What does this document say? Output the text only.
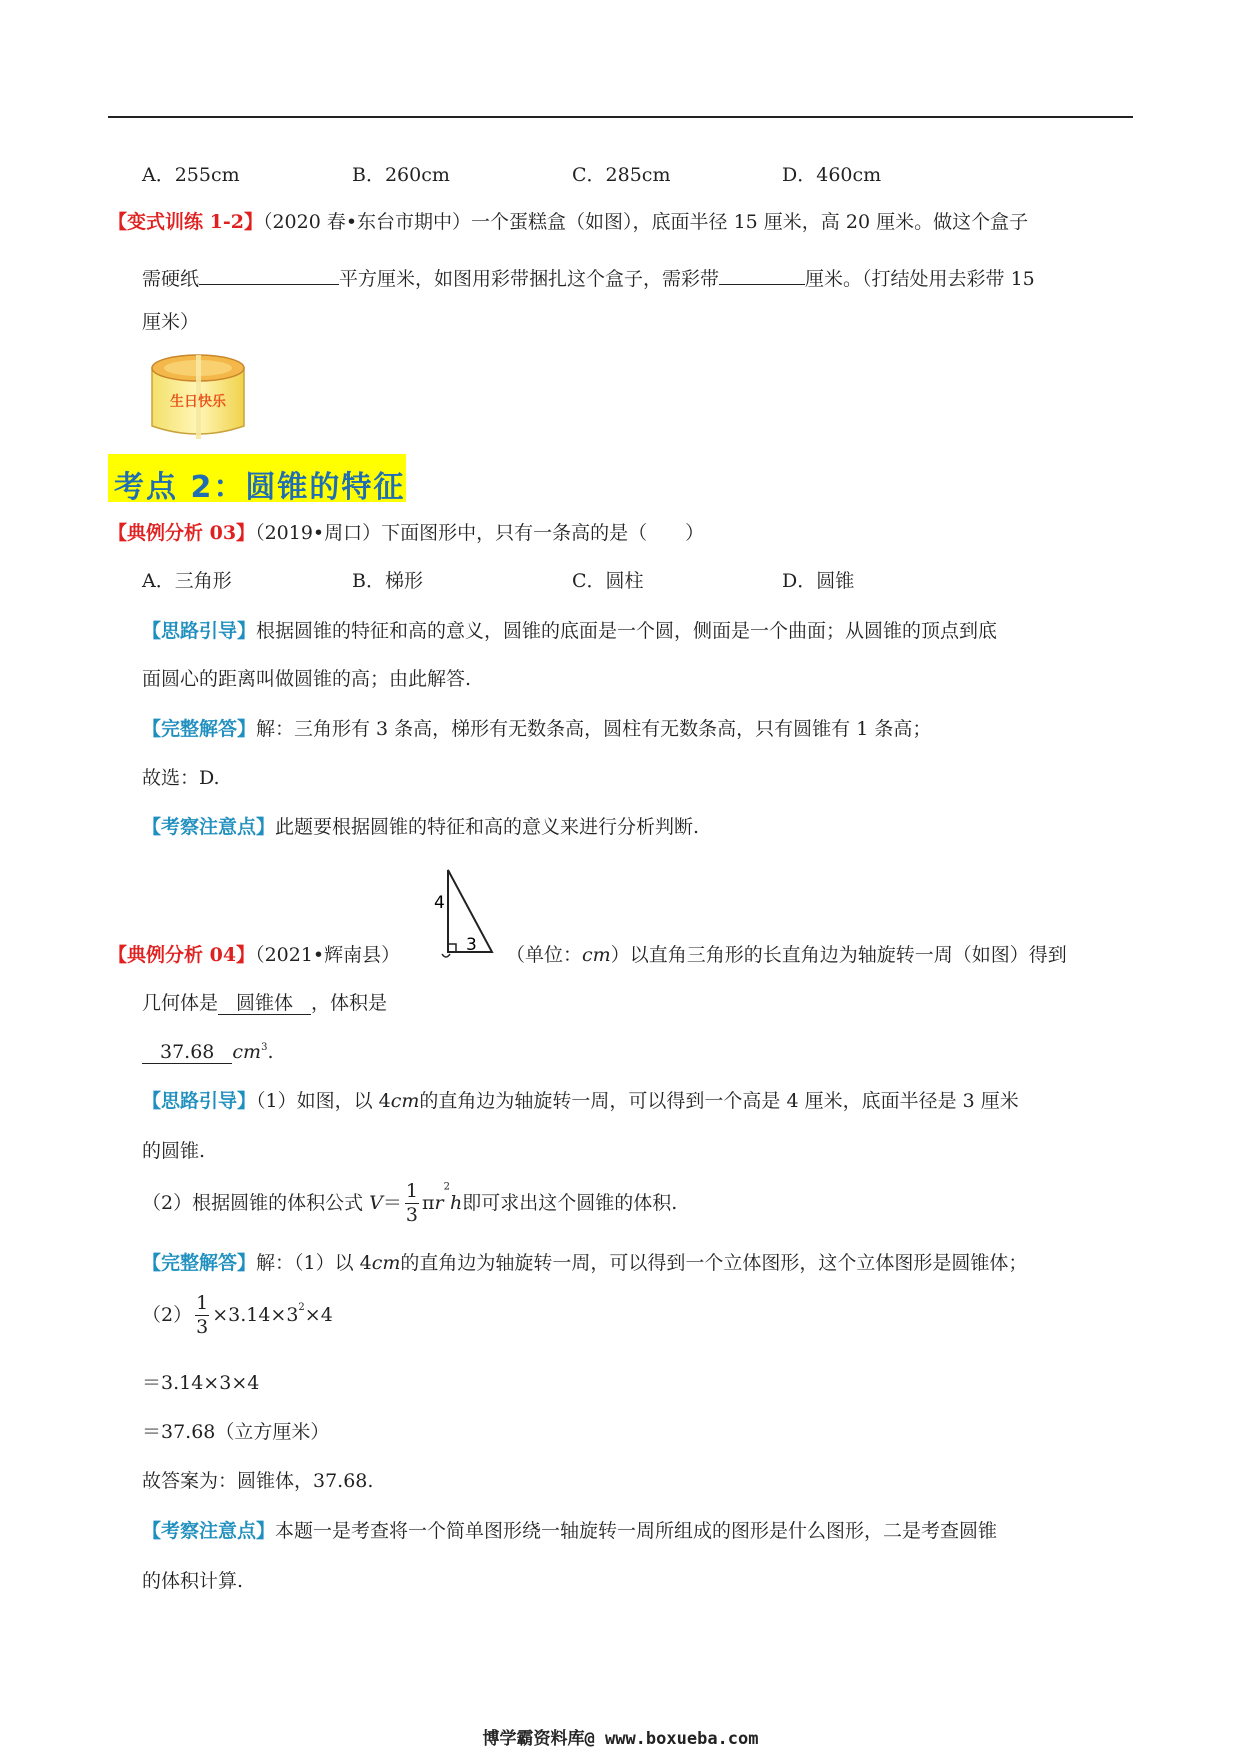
A．255cm	B．260cm	C．285cm	D．460cm
【变式训练 1-2】（2020 春•东台市期中）一个蛋糕盒（如图），底面半径 15 厘米，高 20 厘米。做这个盒子
需硬纸	平方厘米，如图用彩带捆扎这个盒子，需彩带	厘米。（打结处用去彩带 15
厘米）
生日快乐
考点 2：圆锥的特征
【典例分析 03】（2019•周口）下面图形中，只有一条高的是（　　）
A．三角形	B．梯形	C．圆柱	D．圆锥
【思路引导】根据圆锥的特征和高的意义，圆锥的底面是一个圆，侧面是一个曲面；从圆锥的顶点到底
面圆心的距离叫做圆锥的高；由此解答.
【完整解答】解：三角形有 3 条高，梯形有无数条高，圆柱有无数条高，只有圆锥有 1 条高；
故选：D.
【考察注意点】此题要根据圆锥的特征和高的意义来进行分析判断.
4
3
【典例分析 04】（2021•辉南县）	（单位：cm）以直角三角形的长直角边为轴旋转一周（如图）得到
几何体是 圆锥体 ，体积是
37.68 $cm^3$.
【思路引导】（1）如图，以 4cm的直角边为轴旋转一周，可以得到一个高是 4 厘米，底面半径是 3 厘米
的圆锥.
（2）根据圆锥的体积公式 $V= \frac{1}{3} \pi r^2h$即可求出这个圆锥的体积.
【完整解答】解：（1）以 4cm的直角边为轴旋转一周，可以得到一个立体图形，这个立体图形是圆锥体；
$(2) \frac{1}{3} \times 3.14\times 3^2\times 4$
＝3.14×3×4
＝37.68（立方厘米）
故答案为：圆锥体，37.68.
【考察注意点】本题一是考查将一个简单图形绕一轴旋转一周所组成的图形是什么图形，二是考查圆锥
的体积计算.
博学霸资料库@ www.boxueba.com
